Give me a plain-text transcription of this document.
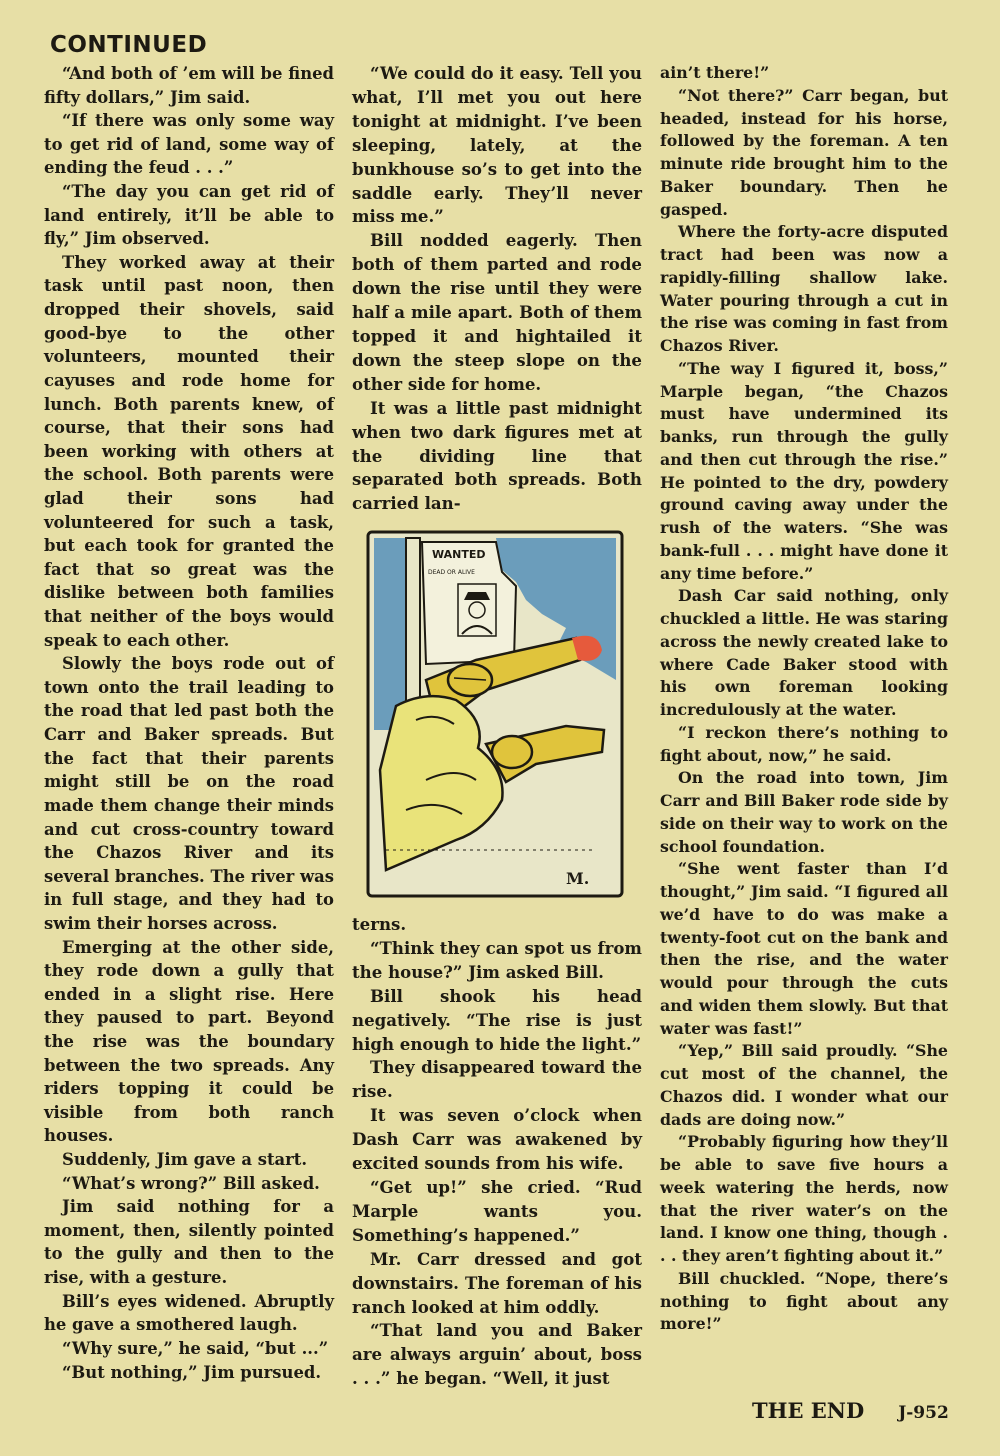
CONTINUED

“And both of ’em will be fined fifty dollars,” Jim said.

“If there was only some way to get rid of land, some way of ending the feud . . .”

“The day you can get rid of land entirely, it’ll be able to fly,” Jim observed.

They worked away at their task until past noon, then dropped their shovels, said good-bye to the other volunteers, mounted their cayuses and rode home for lunch. Both parents knew, of course, that their sons had been working with others at the school. Both parents were glad their sons had volunteered for such a task, but each took for granted the fact that so great was the dislike between both families that neither of the boys would speak to each other.

Slowly the boys rode out of town onto the trail leading to the road that led past both the Carr and Baker spreads. But the fact that their parents might still be on the road made them change their minds and cut cross-country toward the Chazos River and its several branches. The river was in full stage, and they had to swim their horses across.

Emerging at the other side, they rode down a gully that ended in a slight rise. Here they paused to part. Beyond the rise was the boundary between the two spreads. Any riders topping it could be visible from both ranch houses.

Suddenly, Jim gave a start.

“What’s wrong?” Bill asked.

Jim said nothing for a moment, then, silently pointed to the gully and then to the rise, with a gesture.

Bill’s eyes widened. Abruptly he gave a smothered laugh.

“Why sure,” he said, “but ...”

“But nothing,” Jim pursued.

“We could do it easy. Tell you what, I’ll met you out here tonight at midnight. I’ve been sleeping, lately, at the bunkhouse so’s to get into the saddle early. They’ll never miss me.”

Bill nodded eagerly. Then both of them parted and rode down the rise until they were half a mile apart. Both of them topped it and hightailed it down the steep slope on the other side for home.

It was a little past midnight when two dark figures met at the dividing line that separated both spreads. Both carried lan-

WANTED
DEAD OR ALIVE
M.

terns.

“Think they can spot us from the house?” Jim asked Bill.

Bill shook his head negatively. “The rise is just high enough to hide the light.”

They disappeared toward the rise.

It was seven o’clock when Dash Carr was awakened by excited sounds from his wife.

“Get up!” she cried. “Rud Marple wants you. Something’s happened.”

Mr. Carr dressed and got downstairs. The foreman of his ranch looked at him oddly.

“That land you and Baker are always arguin’ about, boss . . .” he began. “Well, it just

ain’t there!”

“Not there?” Carr began, but headed, instead for his horse, followed by the foreman. A ten minute ride brought him to the Baker boundary. Then he gasped.

Where the forty-acre disputed tract had been was now a rapidly-filling shallow lake. Water pouring through a cut in the rise was coming in fast from Chazos River.

“The way I figured it, boss,” Marple began, “the Chazos must have undermined its banks, run through the gully and then cut through the rise.” He pointed to the dry, powdery ground caving away under the rush of the waters. “She was bank-full . . . might have done it any time before.”

Dash Car said nothing, only chuckled a little. He was staring across the newly created lake to where Cade Baker stood with his own foreman looking incredulously at the water.

“I reckon there’s nothing to fight about, now,” he said.

On the road into town, Jim Carr and Bill Baker rode side by side on their way to work on the school foundation.

“She went faster than I’d thought,” Jim said. “I figured all we’d have to do was make a twenty-foot cut on the bank and then the rise, and the water would pour through the cuts and widen them slowly. But that water was fast!”

“Yep,” Bill said proudly. “She cut most of the channel, the Chazos did. I wonder what our dads are doing now.”

“Probably figuring how they’ll be able to save five hours a week watering the herds, now that the river water’s on the land. I know one thing, though . . . they aren’t fighting about it.”

Bill chuckled. “Nope, there’s nothing to fight about any more!”

THE END J-952
